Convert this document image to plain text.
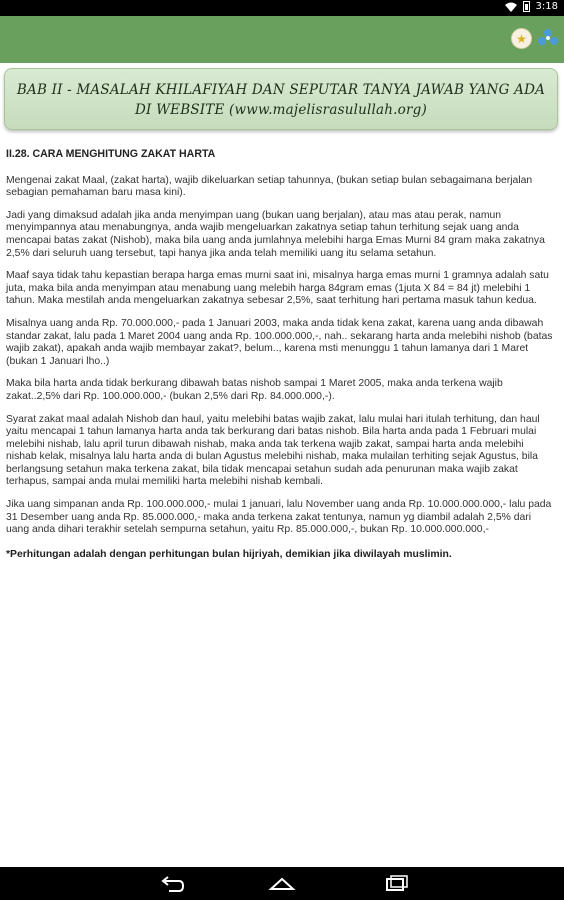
3:18
★
BAB II - MASALAH KHILAFIYAH DAN SEPUTAR TANYA JAWAB YANG ADA DI WEBSITE (www.majelisrasulullah.org)
II.28. CARA MENGHITUNG ZAKAT HARTA

Mengenai zakat Maal, (zakat harta), wajib dikeluarkan setiap tahunnya, (bukan setiap bulan sebagaimana berjalan sebagian pemahaman baru masa kini).

Jadi yang dimaksud adalah jika anda menyimpan uang (bukan uang berjalan), atau mas atau perak, namun menyimpannya atau menabungnya, anda wajib mengeluarkan zakatnya setiap tahun terhitung sejak uang anda mencapai batas zakat (Nishob), maka bila uang anda jumlahnya melebihi harga Emas Murni 84 gram maka zakatnya 2,5% dari seluruh uang tersebut, tapi hanya jika anda telah memiliki uang itu selama setahun.

Maaf saya tidak tahu kepastian berapa harga emas murni saat ini, misalnya harga emas murni 1 gramnya adalah satu juta, maka bila anda menyimpan atau menabung uang melebih harga 84gram emas (1juta X 84 = 84 jt) melebihi 1 tahun. Maka mestilah anda mengeluarkan zakatnya sebesar 2,5%, saat terhitung hari pertama masuk tahun kedua.

Misalnya uang anda Rp. 70.000.000,- pada 1 Januari 2003, maka anda tidak kena zakat, karena uang anda dibawah standar zakat, lalu pada 1 Maret 2004 uang anda Rp. 100.000.000,-, nah.. sekarang harta anda melebihi nishob (batas wajib zakat), apakah anda wajib membayar zakat?, belum.., karena msti menunggu 1 tahun lamanya dari 1 Maret (bukan 1 Januari lho..)

Maka bila harta anda tidak berkurang dibawah batas nishob sampai 1 Maret 2005, maka anda terkena wajib zakat..2,5% dari Rp. 100.000.000,- (bukan 2,5% dari Rp. 84.000.000,-).

Syarat zakat maal adalah Nishob dan haul, yaitu melebihi batas wajib zakat, lalu mulai hari itulah terhitung, dan haul yaitu mencapai 1 tahun lamanya harta anda tak berkurang dari batas nishob. Bila harta anda pada 1 Februari mulai melebihi nishab, lalu april turun dibawah nishab, maka anda tak terkena wajib zakat, sampai harta anda melebihi nishab kelak, misalnya lalu harta anda di bulan Agustus melebihi nishab, maka mulailan terhiting sejak Agustus, bila berlangsung setahun maka terkena zakat, bila tidak mencapai setahun sudah ada penurunan maka wajib zakat terhapus, sampai anda mulai memiliki harta melebihi nishab kembali.

Jika uang simpanan anda Rp. 100.000.000,- mulai 1 januari, lalu November uang anda Rp. 10.000.000.000,- lalu pada 31 Desember uang anda Rp. 85.000.000,- maka anda terkena zakat tentunya, namun yg diambil adalah 2,5% dari uang anda dihari terakhir setelah sempurna setahun, yaitu Rp. 85.000.000,-, bukan Rp. 10.000.000.000,-

*Perhitungan adalah dengan perhitungan bulan hijriyah, demikian jika diwilayah muslimin.
